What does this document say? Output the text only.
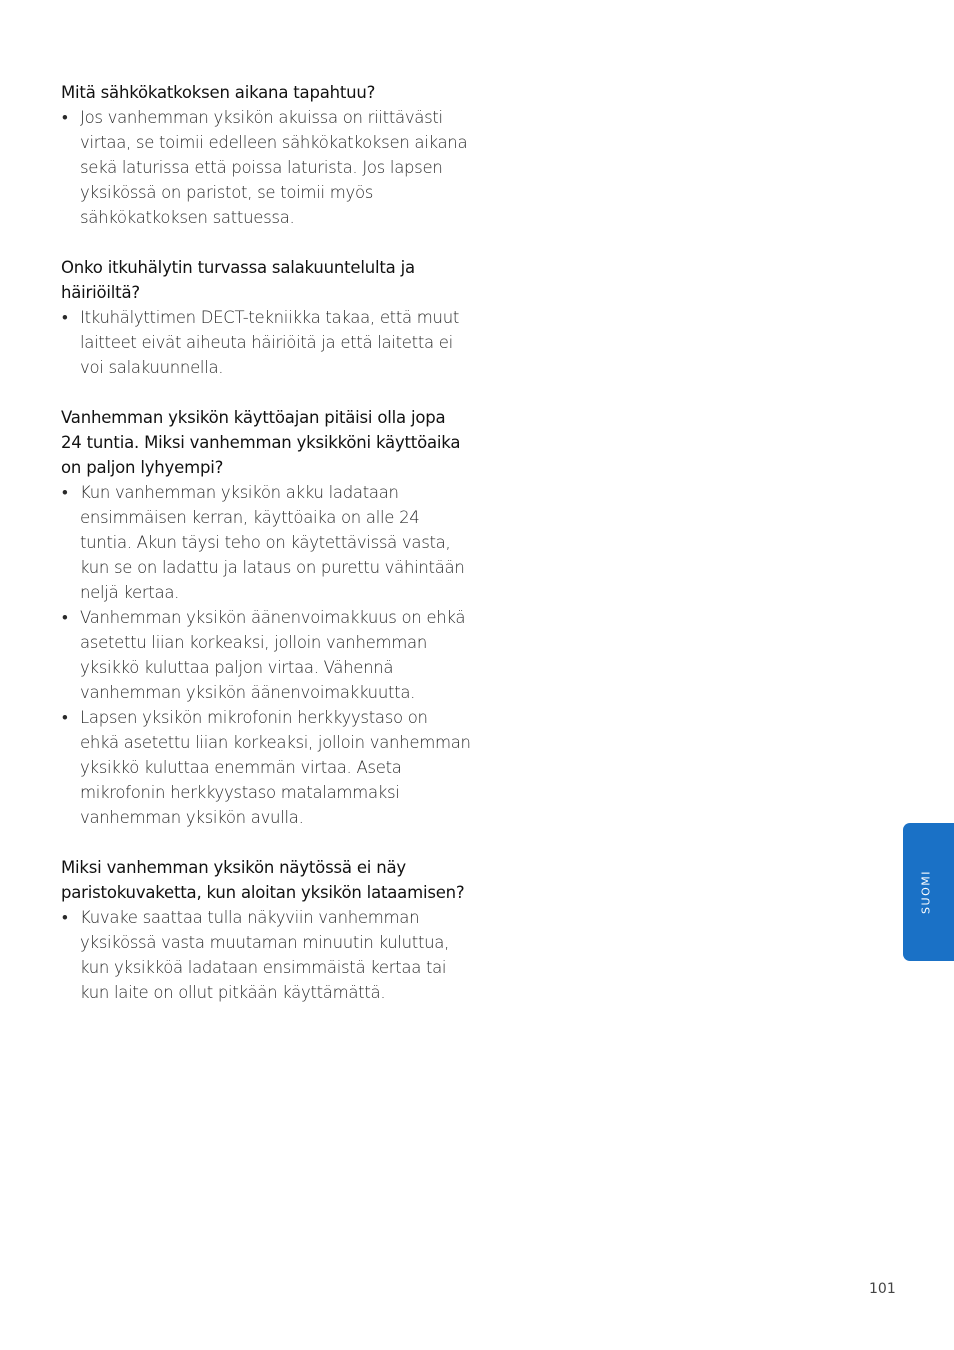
Mitä sähkökatkoksen aikana tapahtuu?
• Jos vanhemman yksikön akuissa on riittävästi virtaa, se toimii edelleen sähkökatkoksen aikana sekä laturissa että poissa laturista. Jos lapsen yksikössä on paristot, se toimii myös sähkökatkoksen sattuessa.
Onko itkuhälytin turvassa salakuuntelulta ja häiriöiltä?
• Itkuhälyttimen DECT-tekniikka takaa, että muut laitteet eivät aiheuta häiriöitä ja että laitetta ei voi salakuunnella.
Vanhemman yksikön käyttöajan pitäisi olla jopa 24 tuntia. Miksi vanhemman yksikköni käyttöaika on paljon lyhyempi?
• Kun vanhemman yksikön akku ladataan ensimmäisen kerran, käyttöaika on alle 24 tuntia. Akun täysi teho on käytettävissä vasta, kun se on ladattu ja lataus on purettu vähintään neljä kertaa.
• Vanhemman yksikön äänenvoimakkuus on ehkä asetettu liian korkeaksi, jolloin vanhemman yksikkö kuluttaa paljon virtaa. Vähennä vanhemman yksikön äänenvoimakkuutta.
• Lapsen yksikön mikrofonin herkkyystaso on ehkä asetettu liian korkeaksi, jolloin vanhemman yksikkö kuluttaa enemmän virtaa. Aseta mikrofonin herkkyystaso matalammaksi vanhemman yksikön avulla.
Miksi vanhemman yksikön näytössä ei näy paristokuvaketta, kun aloitan yksikön lataamisen?
• Kuvake saattaa tulla näkyviin vanhemman yksikössä vasta muutaman minuutin kuluttua, kun yksikköä ladataan ensimmäistä kertaa tai kun laite on ollut pitkään käyttämättä.
SUOMI
101
